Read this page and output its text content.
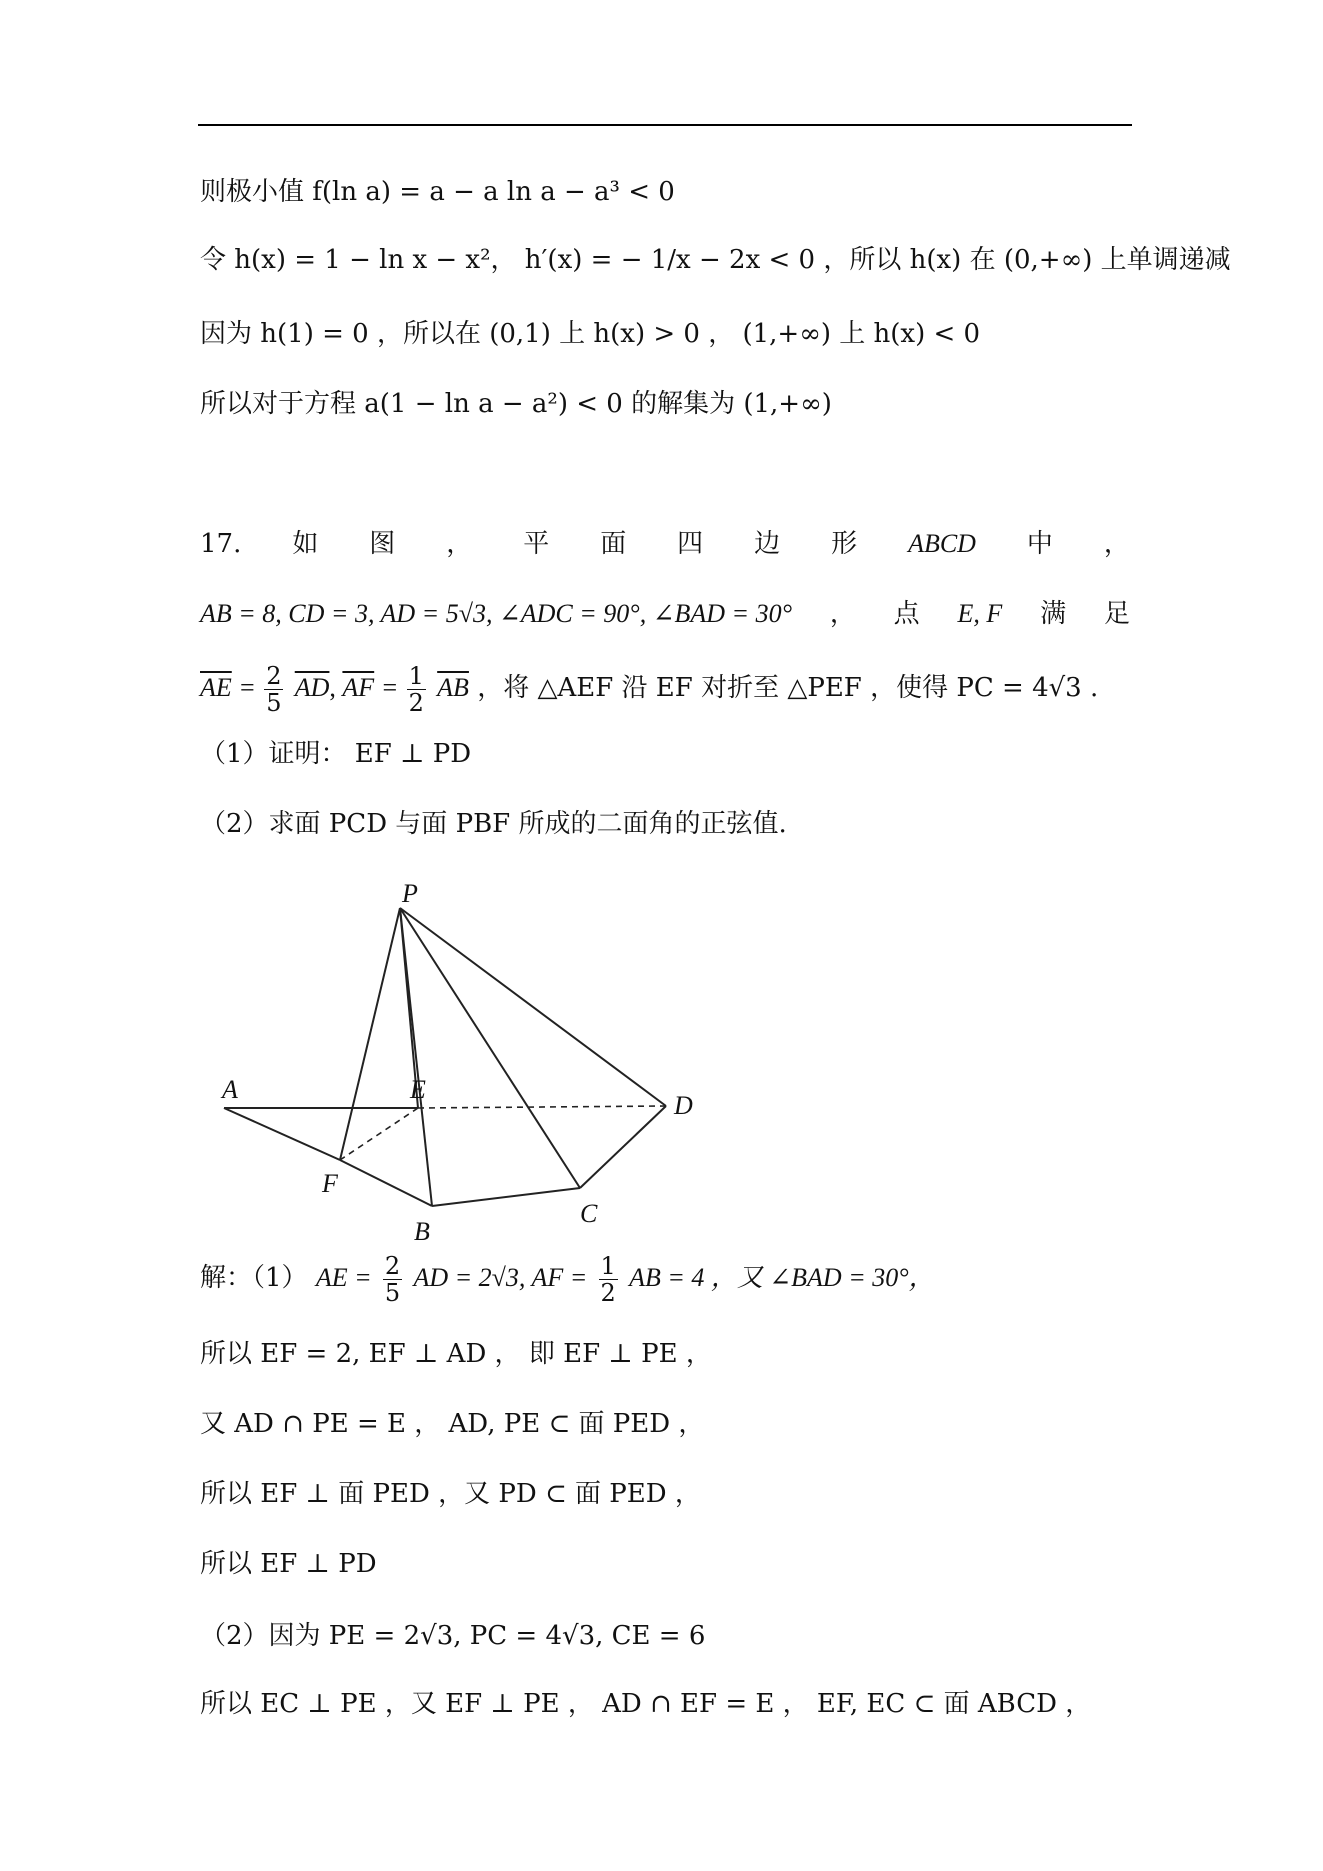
则极小值 f(ln a) = a − a ln a − a³ < 0
令 h(x) = 1 − ln x − x²， h′(x) = − 1/x − 2x < 0 ，所以 h(x) 在 (0,+∞) 上单调递减
因为 h(1) = 0 ，所以在 (0,1) 上 h(x) > 0 ， (1,+∞) 上 h(x) < 0
所以对于方程 a(1 − ln a − a²) < 0 的解集为 (1,+∞)
17. 如 图 ， 平 面 四 边 形 ABCD 中 ，
AB = 8, CD = 3, AD = 5√3, ∠ADC = 90°, ∠BAD = 30° ， 点 E, F 满 足
$\overline{AE} = \frac{2}{5} \overline{AD}$, $\overline{AF} = \frac{1}{2} \overline{AB}$ ，将 △AEF 沿 EF 对折至 △PEF ，使得 PC = 4√3 .
（1）证明： EF ⊥ PD
（2）求面 PCD 与面 PBF 所成的二面角的正弦值.
P
A	E
D
F
B
C
解：（1） AE = $\frac{2}{5}$ AD = 2√3, AF = $\frac{1}{2}$ AB = 4 ，又 ∠BAD = 30°，
所以 EF = 2, EF ⊥ AD ， 即 EF ⊥ PE ，
又 AD ∩ PE = E ， AD, PE ⊂ 面 PED ，
所以 EF ⊥ 面 PED ，又 PD ⊂ 面 PED ，
所以 EF ⊥ PD
（2）因为 PE = 2√3, PC = 4√3, CE = 6
所以 EC ⊥ PE ，又 EF ⊥ PE ， AD ∩ EF = E ， EF, EC ⊂ 面 ABCD ，
